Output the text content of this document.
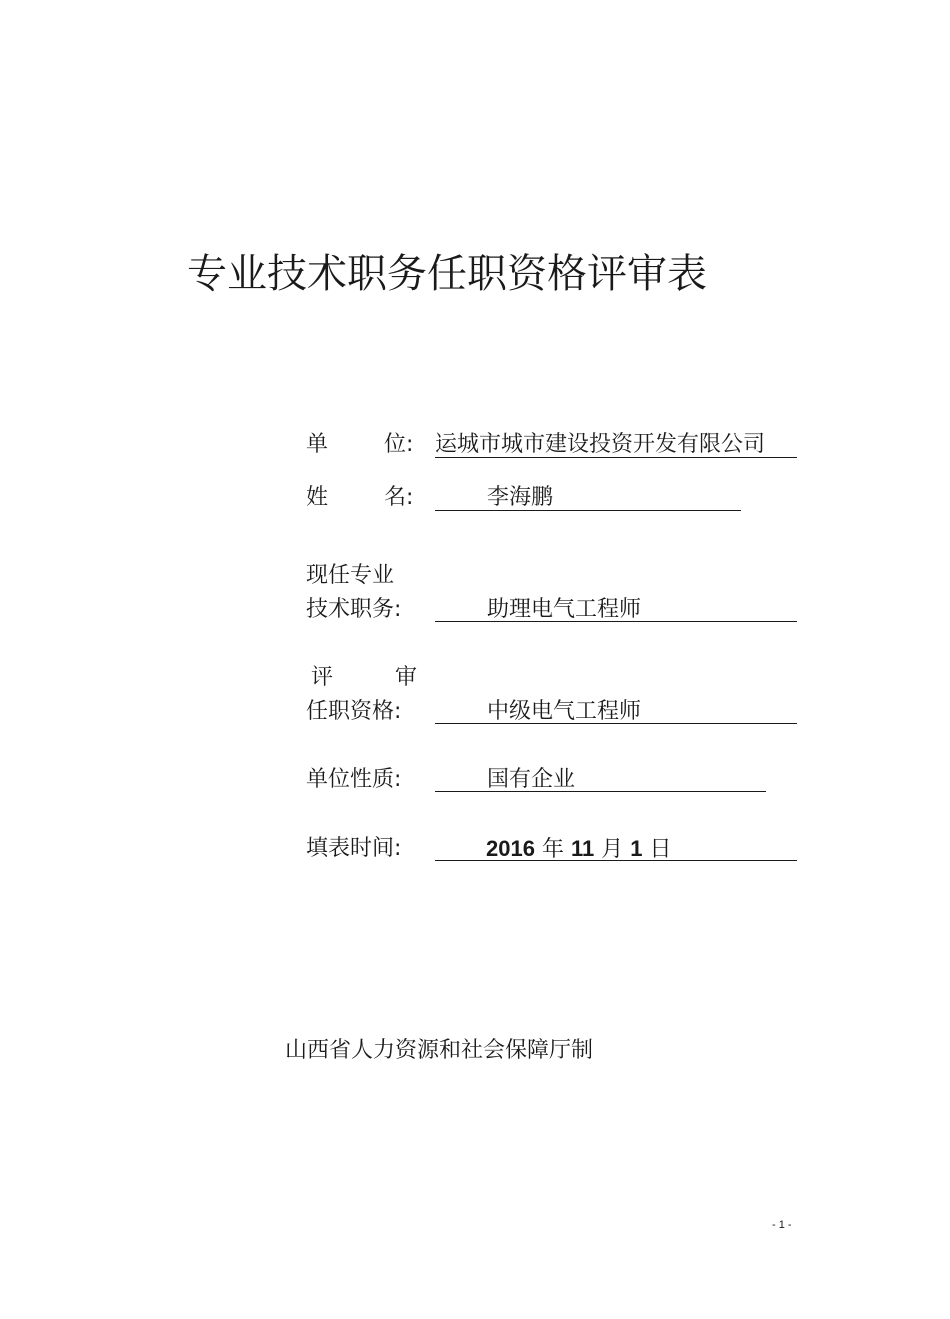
专业技术职务任职资格评审表
单	位: 运城市城市建设投资开发有限公司
姓	名:	李海鹏
现任专业
技术职务:	助理电气工程师
评	审
任职资格:	中级电气工程师
单位性质:	国有企业
填表时间:	2016 年 11 月 1 日
山西省人力资源和社会保障厅制
- 1 -
